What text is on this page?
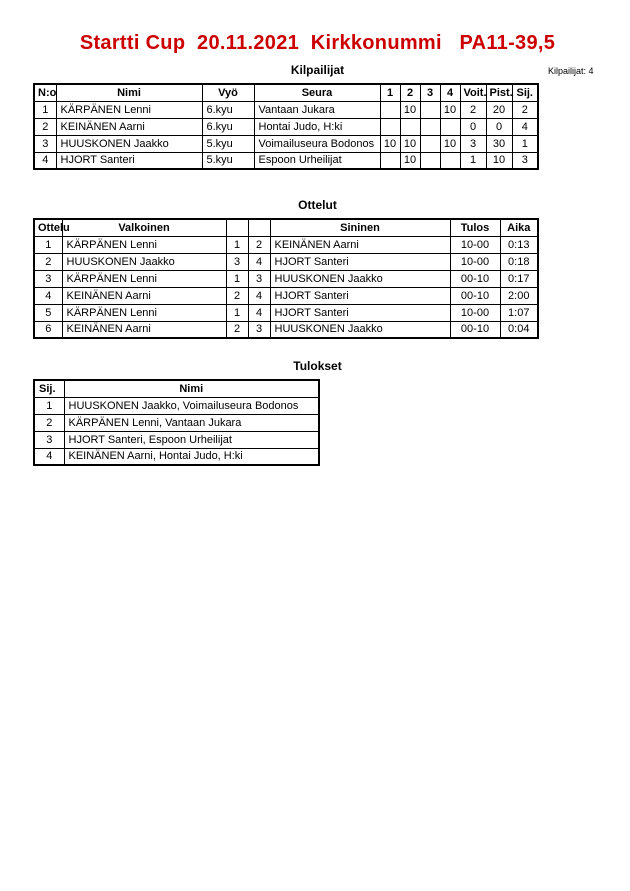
Startti Cup  20.11.2021  Kirkkonummi   PA11-39,5
Kilpailijat	Kilpailijat: 4
N:o	Nimi	Vyö	Seura	1	2	3	4	Voit.	Pist.	Sij.
1	KÄRPÄNEN Lenni	6.kyu	Vantaan Jukara		10		10	2	20	2
2	KEINÄNEN Aarni	6.kyu	Hontai Judo, H:ki					0	0	4
3	HUUSKONEN Jaakko	5.kyu	Voimailuseura Bodonos	10	10		10	3	30	1
4	HJORT Santeri	5.kyu	Espoon Urheilijat		10			1	10	3
Ottelut
Ottelu	Valkoinen			Sininen	Tulos	Aika
1	KÄRPÄNEN Lenni	1	2	KEINÄNEN Aarni	10-00	0:13
2	HUUSKONEN Jaakko	3	4	HJORT Santeri	10-00	0:18
3	KÄRPÄNEN Lenni	1	3	HUUSKONEN Jaakko	00-10	0:17
4	KEINÄNEN Aarni	2	4	HJORT Santeri	00-10	2:00
5	KÄRPÄNEN Lenni	1	4	HJORT Santeri	10-00	1:07
6	KEINÄNEN Aarni	2	3	HUUSKONEN Jaakko	00-10	0:04
Tulokset
Sij.	Nimi
1	HUUSKONEN Jaakko, Voimailuseura Bodonos
2	KÄRPÄNEN Lenni, Vantaan Jukara
3	HJORT Santeri, Espoon Urheilijat
4	KEINÄNEN Aarni, Hontai Judo, H:ki
